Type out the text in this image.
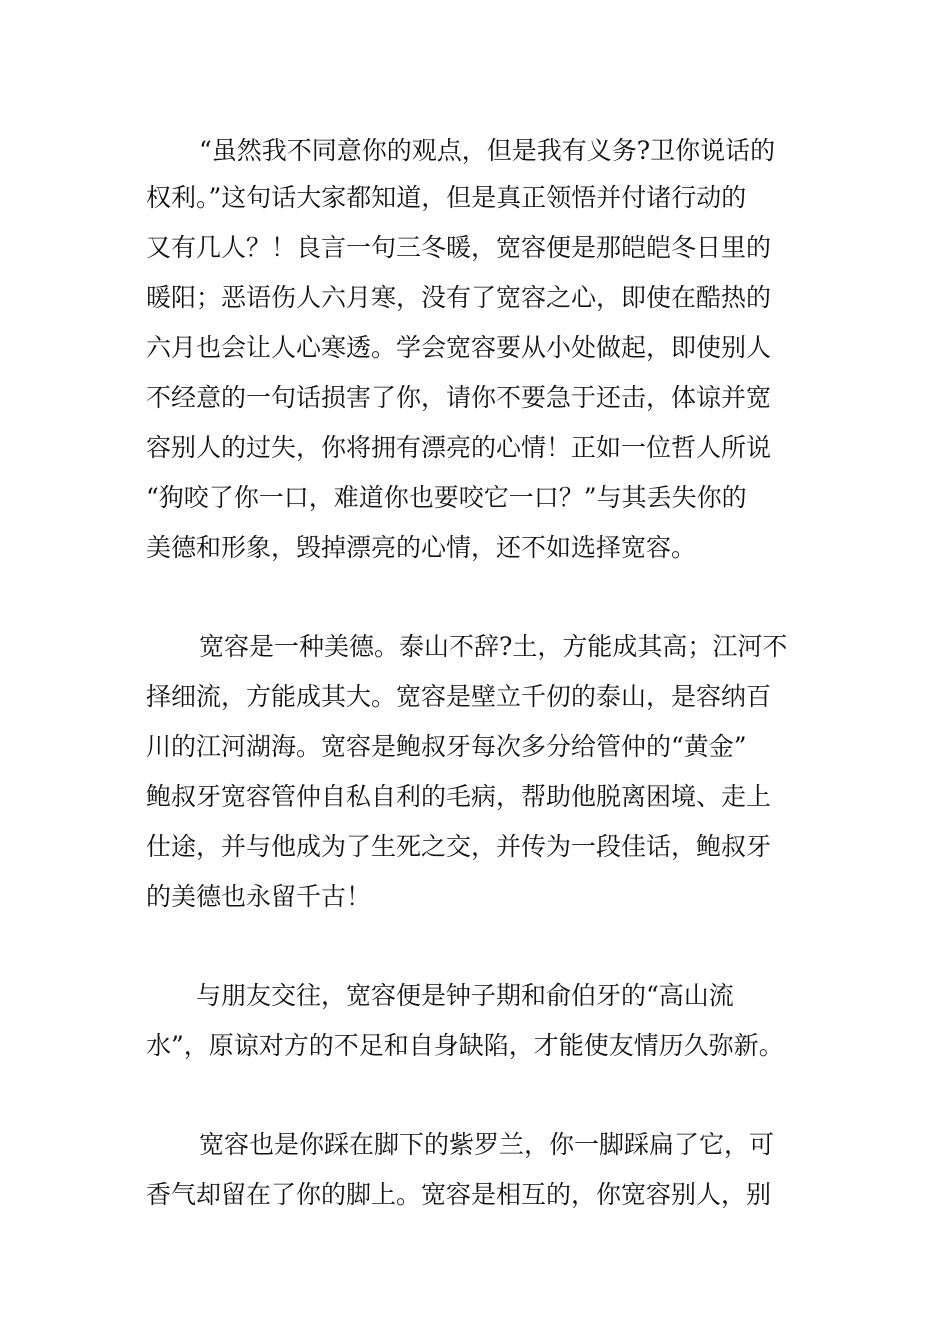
“虽然我不同意你的观点，但是我有义务?卫你说话的
权利。”这句话大家都知道，但是真正领悟并付诸行动的
又有几人？！良言一句三冬暖，宽容便是那皑皑冬日里的
暖阳；恶语伤人六月寒，没有了宽容之心，即使在酷热的
六月也会让人心寒透。学会宽容要从小处做起，即使别人
不经意的一句话损害了你，请你不要急于还击，体谅并宽
容别人的过失，你将拥有漂亮的心情！正如一位哲人所说
“狗咬了你一口，难道你也要咬它一口？”与其丢失你的
美德和形象，毁掉漂亮的心情，还不如选择宽容。
宽容是一种美德。泰山不辞?土，方能成其高；江河不
择细流，方能成其大。宽容是壁立千仞的泰山，是容纳百
川的江河湖海。宽容是鲍叔牙每次多分给管仲的“黄金”
鲍叔牙宽容管仲自私自利的毛病，帮助他脱离困境、走上
仕途，并与他成为了生死之交，并传为一段佳话，鲍叔牙
的美德也永留千古！
与朋友交往，宽容便是钟子期和俞伯牙的“高山流
水”，原谅对方的不足和自身缺陷，才能使友情历久弥新。
宽容也是你踩在脚下的紫罗兰，你一脚踩扁了它，可
香气却留在了你的脚上。宽容是相互的，你宽容别人，别
